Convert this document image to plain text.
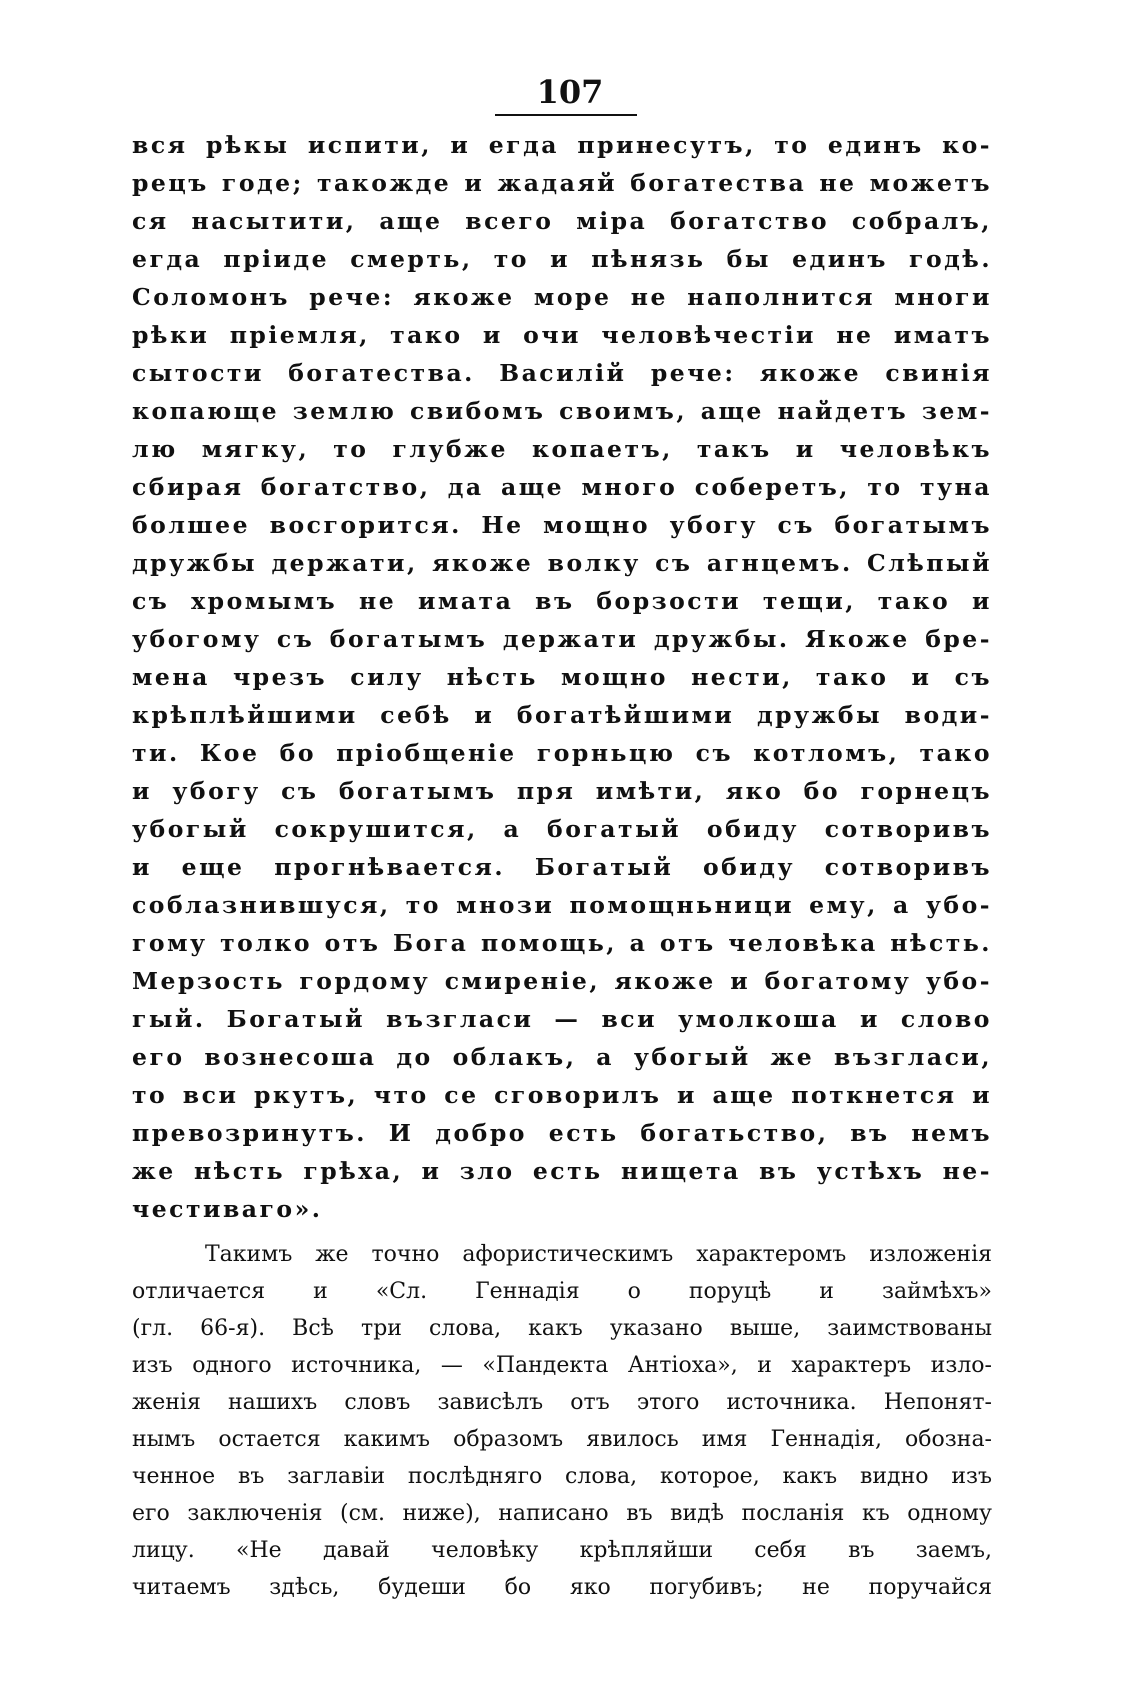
107
вся рѣкы испити, и егда принесутъ, то единъ ко-
рецъ годе; такожде и жадаяй богатества не можетъ
ся насытити, аще всего міра богатство собралъ,
егда пріиде смерть, то и пѣнязь бы единъ годѣ.
Соломонъ рече: якоже море не наполнится многи
рѣки пріемля, тако и очи человѣчестіи не иматъ
сытости богатества. Василій рече: якоже свинія
копающе землю свибомъ своимъ, аще найдетъ зем-
лю мягку, то глубже копаетъ, такъ и человѣкъ
сбирая богатство, да аще много соберетъ, то туна
болшее восгорится. Не мощно убогу съ богатымъ
дружбы держати, якоже волку съ агнцемъ. Слѣпый
съ хромымъ не имата въ борзости тещи, тако и
убогому съ богатымъ держати дружбы. Якоже бре-
мена чрезъ силу нѣсть мощно нести, тако и съ
крѣплѣйшими себѣ и богатѣйшими дружбы води-
ти. Кое бо пріобщеніе горньцю съ котломъ, тако
и убогу съ богатымъ пря имѣти, яко бо горнецъ
убогый сокрушится, а богатый обиду сотворивъ
и еще прогнѣвается. Богатый обиду сотворивъ
соблазнившуся, то мнози помощньници ему, а убо-
гому толко отъ Бога помощь, а отъ человѣка нѣсть.
Мерзость гордому смиреніе, якоже и богатому убо-
гый. Богатый възгласи — вси умолкоша и слово
его вознесоша до облакъ, а убогый же възгласи,
то вси ркутъ, что се сговорилъ и аще поткнется и
превозринутъ. И добро есть богатьство, въ немъ
же нѣсть грѣха, и зло есть нищета въ устѣхъ не-
честиваго».
Такимъ же точно афористическимъ характеромъ изложенія
отличается и «Сл. Геннадія о поруцѣ и займѣхъ»
(гл. 66-я). Всѣ три слова, какъ указано выше, заимствованы
изъ одного источника, — «Пандекта Антіоха», и характеръ изло-
женія нашихъ словъ зависѣлъ отъ этого источника. Непонят-
нымъ остается какимъ образомъ явилось имя Геннадія, обозна-
ченное въ заглавіи послѣдняго слова, которое, какъ видно изъ
его заключенія (см. ниже), написано въ видѣ посланія къ одному
лицу. «Не давай человѣку крѣпляйши себя въ заемъ,
читаемъ здѣсь, будеши бо яко погубивъ; не поручайся
